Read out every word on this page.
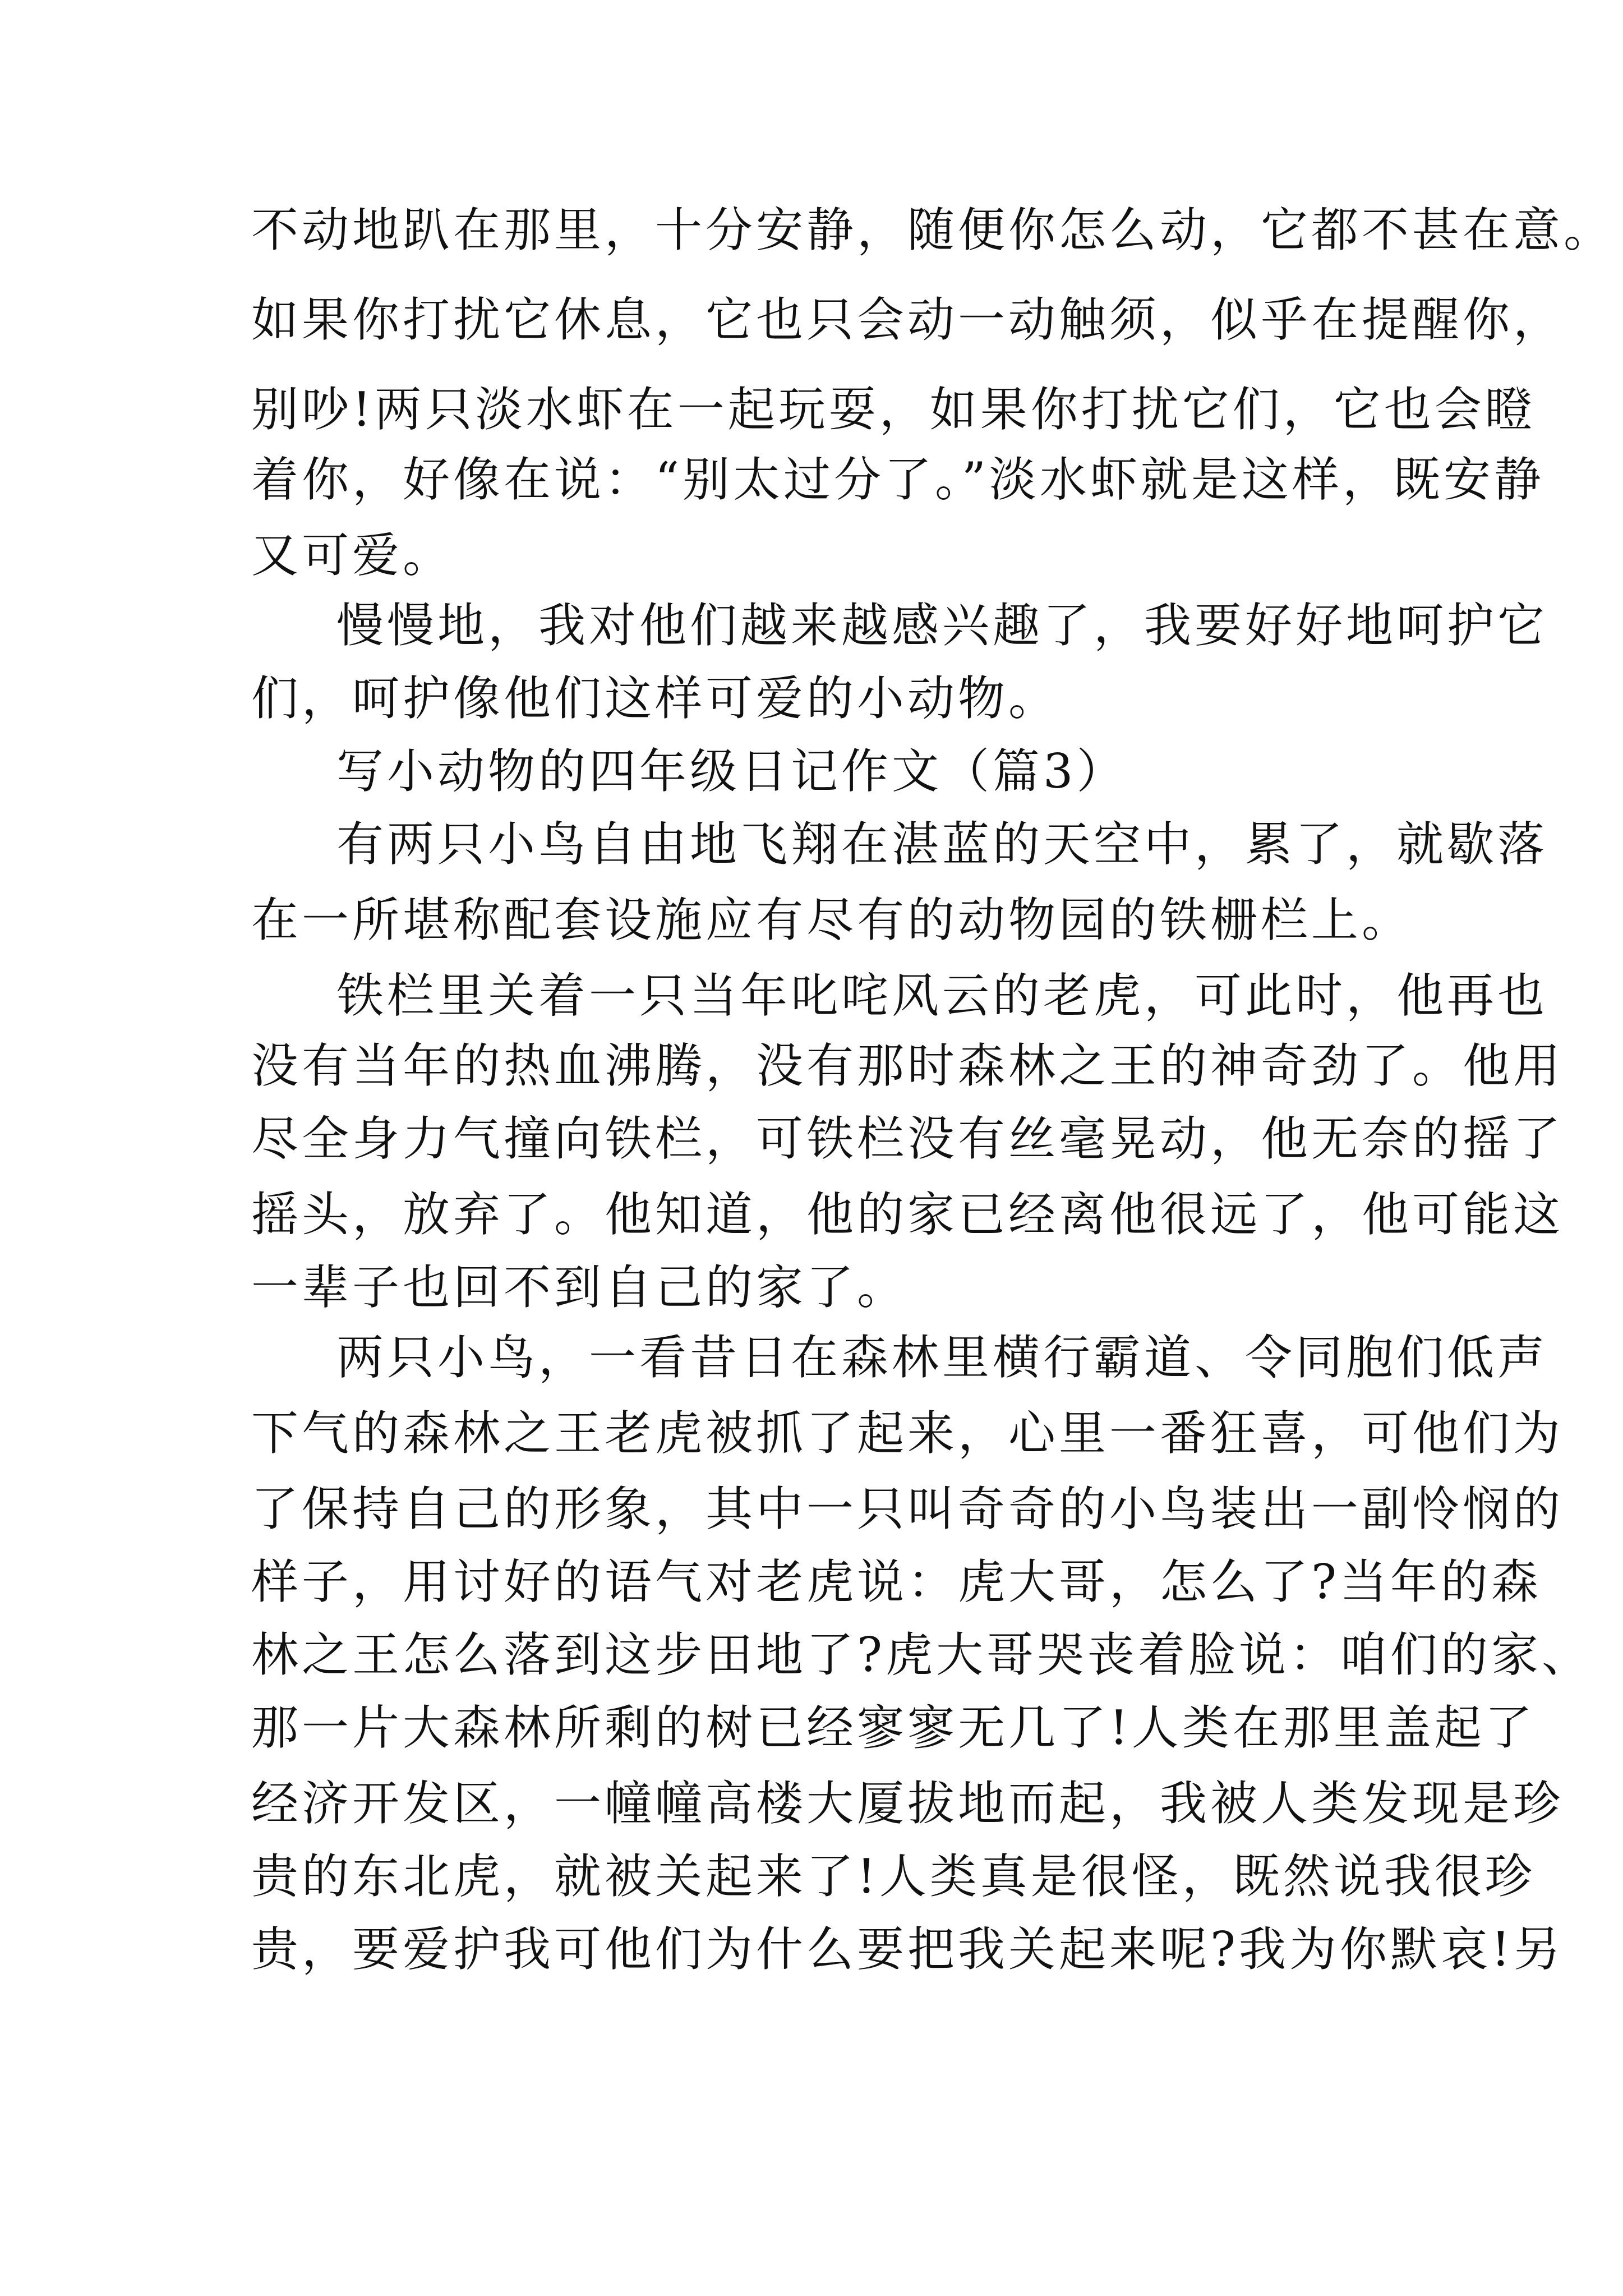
不动地趴在那里，十分安静，随便你怎么动，它都不甚在意。
如果你打扰它休息，它也只会动一动触须，似乎在提醒你，
别吵!两只淡水虾在一起玩耍，如果你打扰它们，它也会瞪
着你，好像在说：“别太过分了。”淡水虾就是这样，既安静
又可爱。
慢慢地，我对他们越来越感兴趣了，我要好好地呵护它
们，呵护像他们这样可爱的小动物。
写小动物的四年级日记作文（篇3）
有两只小鸟自由地飞翔在湛蓝的天空中，累了，就歇落
在一所堪称配套设施应有尽有的动物园的铁栅栏上。
铁栏里关着一只当年叱咤风云的老虎，可此时，他再也
没有当年的热血沸腾，没有那时森林之王的神奇劲了。他用
尽全身力气撞向铁栏，可铁栏没有丝毫晃动，他无奈的摇了
摇头，放弃了。他知道，他的家已经离他很远了，他可能这
一辈子也回不到自己的家了。
两只小鸟，一看昔日在森林里横行霸道、令同胞们低声
下气的森林之王老虎被抓了起来，心里一番狂喜，可他们为
了保持自己的形象，其中一只叫奇奇的小鸟装出一副怜悯的
样子，用讨好的语气对老虎说：虎大哥，怎么了?当年的森
林之王怎么落到这步田地了?虎大哥哭丧着脸说：咱们的家、
那一片大森林所剩的树已经寥寥无几了!人类在那里盖起了
经济开发区，一幢幢高楼大厦拔地而起，我被人类发现是珍
贵的东北虎，就被关起来了!人类真是很怪，既然说我很珍
贵，要爱护我可他们为什么要把我关起来呢?我为你默哀!另
